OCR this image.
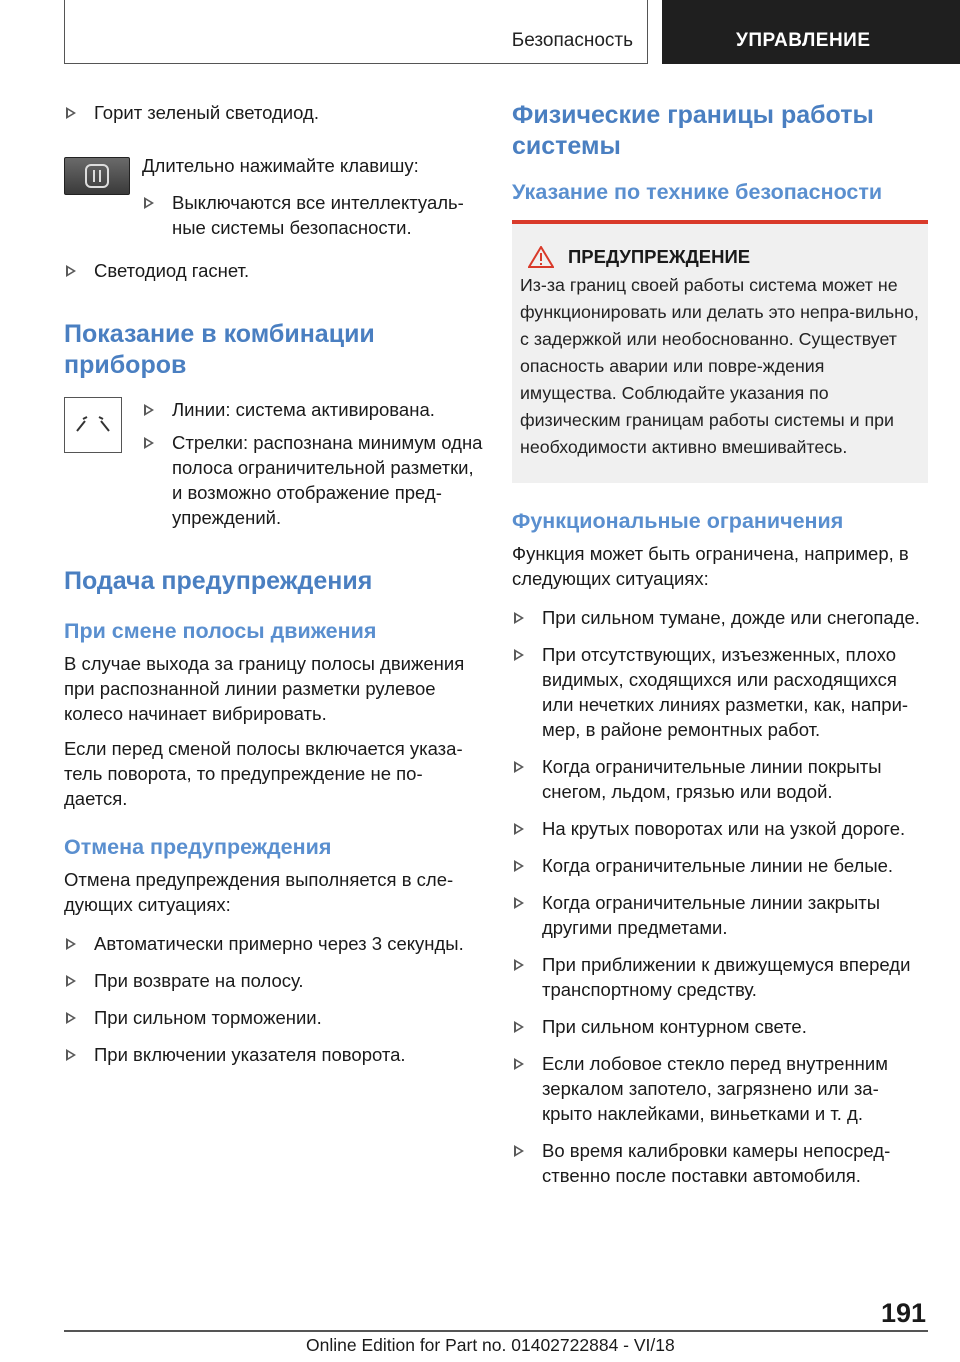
Безопасность	УПРАВЛЕНИЕ
Горит зеленый светодиод.

Длительно нажимайте клавишу:

Выключаются все интеллектуаль-ные системы безопасности.
Светодиод гаснет.
Показание в комбинации приборов
Линии: система активирована.
Стрелки: распознана минимум одна полоса ограничительной разметки, и возможно отображение пред-упреждений.
Подача предупреждения
При смене полосы движения

В случае выхода за границу полосы движения при распознанной линии разметки рулевое колесо начинает вибрировать.

Если перед сменой полосы включается указа-тель поворота, то предупреждение не по-дается.

Отмена предупреждения

Отмена предупреждения выполняется в сле-дующих ситуациях:

Автоматически примерно через 3 секунды.
При возврате на полосу.
При сильном торможении.
При включении указателя поворота.
Физические границы работы системы
Указание по технике безопасности
ПРЕДУПРЕЖДЕНИЕ

Из-за границ своей работы система может не функционировать или делать это непра-вильно, с задержкой или необоснованно. Существует опасность аварии или повре-ждения имущества. Соблюдайте указания по физическим границам работы системы и при необходимости активно вмешивайтесь.

Функциональные ограничения

Функция может быть ограничена, например, в следующих ситуациях:

При сильном тумане, дожде или снегопаде.
При отсутствующих, изъезженных, плохо видимых, сходящихся или расходящихся или нечетких линиях разметки, как, напри-мер, в районе ремонтных работ.
Когда ограничительные линии покрыты снегом, льдом, грязью или водой.
На крутых поворотах или на узкой дороге.
Когда ограничительные линии не белые.
Когда ограничительные линии закрыты другими предметами.
При приближении к движущемуся впереди транспортному средству.
При сильном контурном свете.
Если лобовое стекло перед внутренним зеркалом запотело, загрязнено или за-крыто наклейками, виньетками и т. д.
Во время калибровки камеры непосред-ственно после поставки автомобиля.
191
Online Edition for Part no. 01402722884 - VI/18
